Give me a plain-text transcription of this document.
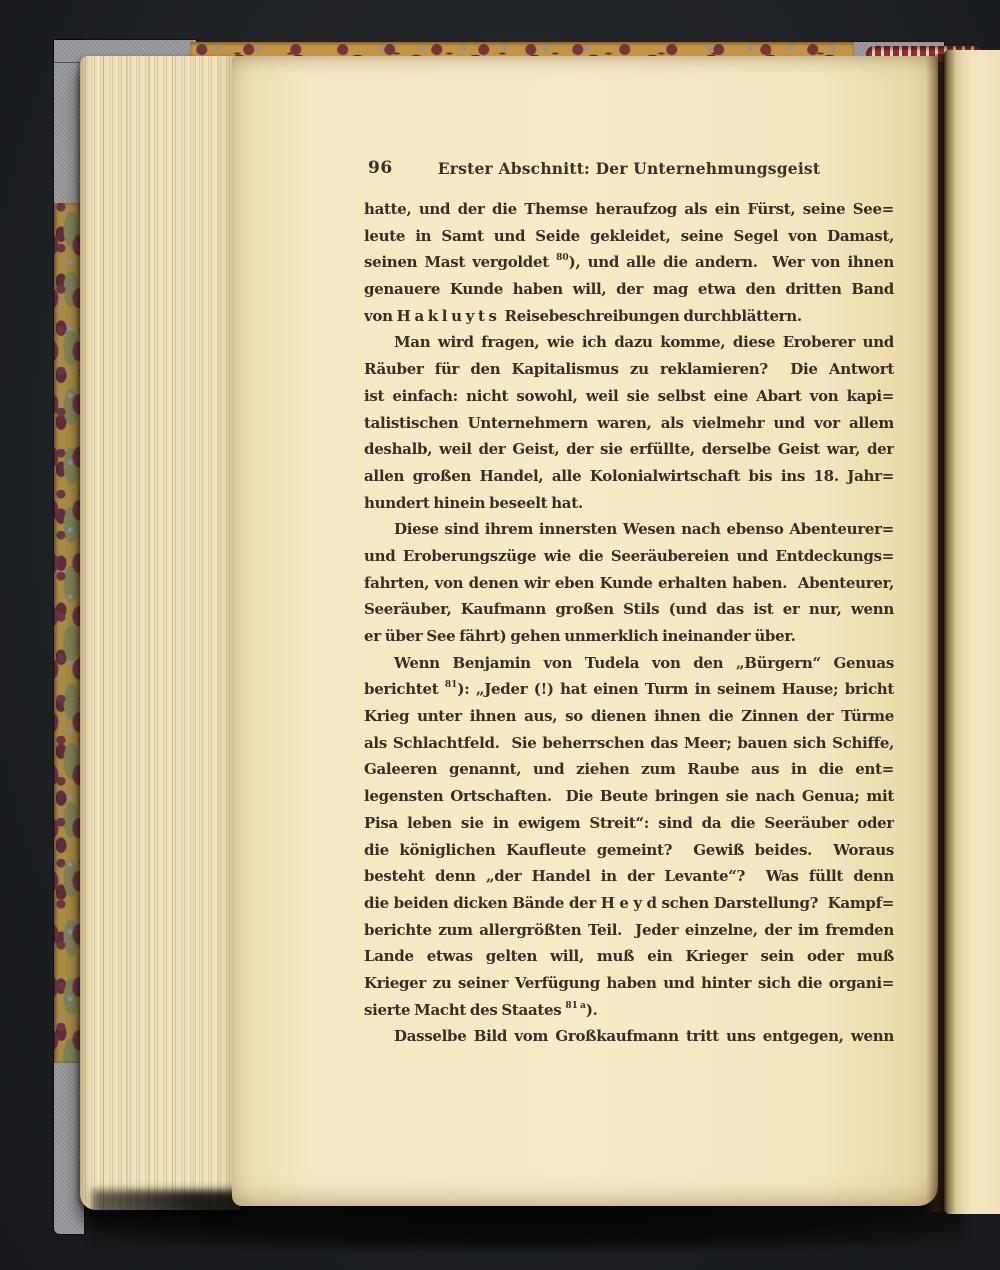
96	Erster Abschnitt: Der Unternehmungsgeist
hatte, und der die Themse heraufzog als ein Fürst, seine See=
leute in Samt und Seide gekleidet, seine Segel von Damast,
seinen Mast vergoldet $^{80}$), und alle die andern.  Wer von ihnen
genauere Kunde haben will, der mag etwa den dritten Band
von H a k l u y t s  Reisebeschreibungen durchblättern.
Man wird fragen, wie ich dazu komme, diese Eroberer und
Räuber für den Kapitalismus zu reklamieren?  Die Antwort
ist einfach: nicht sowohl, weil sie selbst eine Abart von kapi=
talistischen Unternehmern waren, als vielmehr und vor allem
deshalb, weil der Geist, der sie erfüllte, derselbe Geist war, der
allen großen Handel, alle Kolonialwirtschaft bis ins 18. Jahr=
hundert hinein beseelt hat.
Diese sind ihrem innersten Wesen nach ebenso Abenteurer=
und Eroberungszüge wie die Seeräubereien und Entdeckungs=
fahrten, von denen wir eben Kunde erhalten haben.  Abenteurer,
Seeräuber, Kaufmann großen Stils (und das ist er nur, wenn
er über See fährt) gehen unmerklich ineinander über.
Wenn Benjamin von Tudela von den „Bürgern“ Genuas
berichtet $^{81}$): „Jeder (!) hat einen Turm in seinem Hause; bricht
Krieg unter ihnen aus, so dienen ihnen die Zinnen der Türme
als Schlachtfeld.  Sie beherrschen das Meer; bauen sich Schiffe,
Galeeren genannt, und ziehen zum Raube aus in die ent=
legensten Ortschaften.  Die Beute bringen sie nach Genua; mit
Pisa leben sie in ewigem Streit“: sind da die Seeräuber oder
die königlichen Kaufleute gemeint?  Gewiß beides.  Woraus
besteht denn „der Handel in der Levante“?  Was füllt denn
die beiden dicken Bände der H e y d schen Darstellung?  Kampf=
berichte zum allergrößten Teil.  Jeder einzelne, der im fremden
Lande etwas gelten will, muß ein Krieger sein oder muß
Krieger zu seiner Verfügung haben und hinter sich die organi=
sierte Macht des Staates $^{81 a}$).
Dasselbe Bild vom Großkaufmann tritt uns entgegen, wenn
